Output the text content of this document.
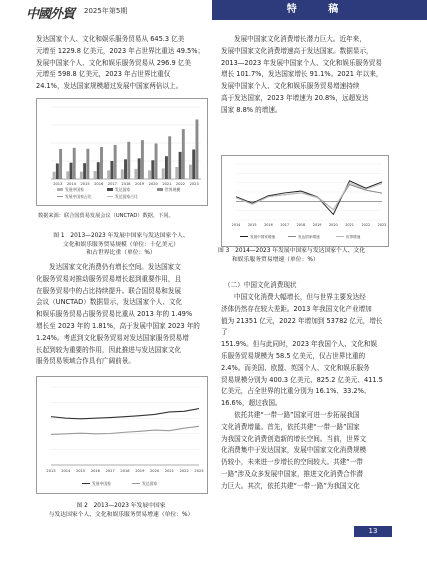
中國外貿 2025年第5期	特 稿

发达国家个人、文化和娱乐服务贸易从 645.3 亿美
元增至 1229.8 亿美元，2023 年占世界比重达 49.5%；
发展中国家个人、文化和娱乐服务贸易从 296.9 亿美
元增至 598.8 亿美元，2023 年占世界比重仅
24.1%，发达国家规模超过发展中国家两倍以上。

2013 2014 2015 2016 2017 2018 2019 2020 2021 2022 2023
发展中国家	发达国家	世界规模
发展中国家占比	发达国家占比
数据来源：联合国贸易发展会议（UNCTAD）数据，下同。
图 1　2013—2023 年发展中国家与发达国家个人、
文化和娱乐服务贸易规模（单位：十亿美元）
和占世界比重（单位：%）

发达国家文化消费仍有增长空间。发达国家文
化服务贸易对推动服务贸易增长起到重要作用，且
在服务贸易中的占比持续提升。联合国贸易和发展
会议（UNCTAD）数据显示，发达国家个人、文化
和娱乐服务贸易占服务贸易比重从 2013 年的 1.49%
增长至 2023 年的 1.81%，高于发展中国家 2023 年的
1.24%。考虑到文化服务贸易对发达国家服务贸易增
长起到较为重要的作用，因此推进与发达国家文化
服务贸易领域合作具有广阔前景。

2013 2014 2015 2016 2017 2018 2019 2020 2021 2022 2023
发展中国家	发达国家
图 2　2013—2023 年发展中国家
与发达国家个人、文化和娱乐服务贸易增速（单位：%）

发展中国家文化消费增长潜力巨大。近年来，
发展中国家文化消费增速高于发达国家。数据显示，
2013—2023 年发展中国家个人、文化和娱乐服务贸易
增长 101.7%，发达国家增长 91.1%。2021 年以来，
发展中国家个人、文化和娱乐服务贸易增速持续
高于发达国家，2023 年增速为 20.8%，远超发达
国家 8.8% 的增速。

2014 2015 2016 2017 2018 2019 2020 2021 2022 2023
发展中国家增速	发达国家增速	世界增速
图 3　2014—2023 年发展中国家与发达国家个人、文化
和娱乐服务贸易增速（单位：%）
（二）中国文化消费现状

中国文化消费大幅增长，但与世界主要发达经
济体仍然存在较大差距。2013 年我国文化产业增加
值为 21351 亿元，2022 年增加到 53782 亿元，增长了
151.9%。但与此同时，2023 年我国个人、文化和娱
乐服务贸易规模为 58.5 亿美元，仅占世界比重的
2.4%。而美国、欧盟、英国个人、文化和娱乐服务
贸易规模分别为 400.3 亿美元、825.2 亿美元、411.5
亿美元，占全世界的比重分别为 16.1%、33.2%、
16.6%，超过我国。

依托共建“一带一路”国家可进一步拓展我国
文化消费增量。首先，依托共建“一带一路”国家
为我国文化消费创造新的增长空间。当前，世界文
化消费集中于发达国家，发展中国家文化消费规模
仍较小，未来进一步增长的空间较大。共建“一带
一路”涉及众多发展中国家，推进文化消费合作潜
力巨大。其次，依托共建“一带一路”为我国文化

13
